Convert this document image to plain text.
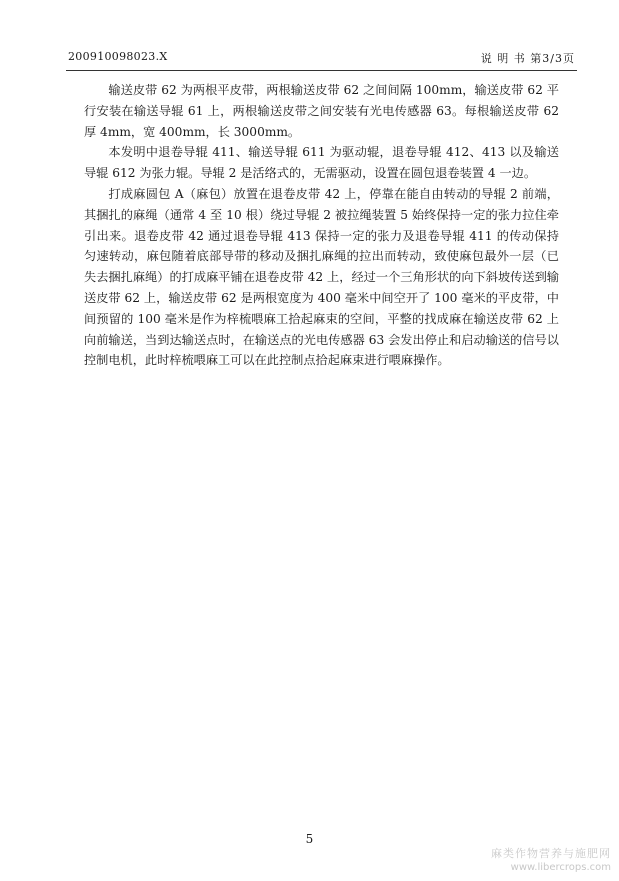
200910098023.X	说 明 书 第3/3页

输送皮带 62 为两根平皮带，两根输送皮带 62 之间间隔 100mm，输送皮带 62 平行安装在输送导辊 61 上，两根输送皮带之间安装有光电传感器 63。每根输送皮带 62 厚 4mm，宽 400mm，长 3000mm。

本发明中退卷导辊 411、输送导辊 611 为驱动辊，退卷导辊 412、413 以及输送导辊 612 为张力辊。导辊 2 是活络式的，无需驱动，设置在圆包退卷装置 4 一边。

打成麻圆包 A（麻包）放置在退卷皮带 42 上，停靠在能自由转动的导辊 2 前端，其捆扎的麻绳（通常 4 至 10 根）绕过导辊 2 被拉绳装置 5 始终保持一定的张力拉住牵引出来。退卷皮带 42 通过退卷导辊 413 保持一定的张力及退卷导辊 411 的传动保持匀速转动，麻包随着底部导带的移动及捆扎麻绳的拉出而转动，致使麻包最外一层（已失去捆扎麻绳）的打成麻平铺在退卷皮带 42 上，经过一个三角形状的向下斜坡传送到输送皮带 62 上，输送皮带 62 是两根宽度为 400 毫米中间空开了 100 毫米的平皮带，中间预留的 100 毫米是作为梓梳喂麻工拾起麻束的空间，平整的找成麻在输送皮带 62 上向前输送，当到达输送点时，在输送点的光电传感器 63 会发出停止和启动输送的信号以控制电机，此时梓梳喂麻工可以在此控制点拾起麻束进行喂麻操作。

5
麻类作物营养与施肥网
www.libercrops.com
